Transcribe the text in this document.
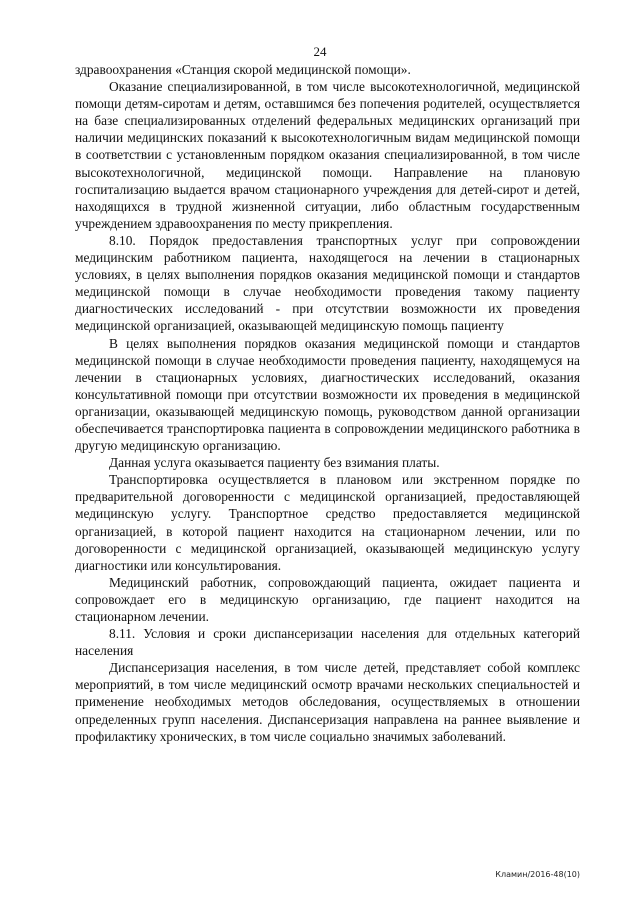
24

здравоохранения «Станция скорой медицинской помощи».

Оказание специализированной, в том числе высокотехнологичной, медицинской помощи детям-сиротам и детям, оставшимся без попечения родителей, осуществляется на базе специализированных отделений федеральных медицинских организаций при наличии медицинских показаний к высокотехнологичным видам медицинской помощи в соответствии с установленным порядком оказания специализированной, в том числе высокотехнологичной, медицинской помощи. Направление на плановую госпитализацию выдается врачом стационарного учреждения для детей-сирот и детей, находящихся в трудной жизненной ситуации, либо областным государственным учреждением здравоохранения по месту прикрепления.

8.10. Порядок предоставления транспортных услуг при сопровождении медицинским работником пациента, находящегося на лечении в стационарных условиях, в целях выполнения порядков оказания медицинской помощи и стандартов медицинской помощи в случае необходимости проведения такому пациенту диагностических исследований - при отсутствии возможности их проведения медицинской организацией, оказывающей медицинскую помощь пациенту

В целях выполнения порядков оказания медицинской помощи и стандартов медицинской помощи в случае необходимости проведения пациенту, находящемуся на лечении в стационарных условиях, диагностических исследований, оказания консультативной помощи при отсутствии возможности их проведения в медицинской организации, оказывающей медицинскую помощь, руководством данной организации обеспечивается транспортировка пациента в сопровождении медицинского работника в другую медицинскую организацию.

Данная услуга оказывается пациенту без взимания платы.

Транспортировка осуществляется в плановом или экстренном порядке по предварительной договоренности с медицинской организацией, предоставляющей медицинскую услугу. Транспортное средство предоставляется медицинской организацией, в которой пациент находится на стационарном лечении, или по договоренности с медицинской организацией, оказывающей медицинскую услугу диагностики или консультирования.

Медицинский работник, сопровождающий пациента, ожидает пациента и сопровождает его в медицинскую организацию, где пациент находится на стационарном лечении.

8.11. Условия и сроки диспансеризации населения для отдельных категорий населения

Диспансеризация населения, в том числе детей, представляет собой комплекс мероприятий, в том числе медицинский осмотр врачами нескольких специальностей и применение необходимых методов обследования, осуществляемых в отношении определенных групп населения. Диспансеризация направлена на раннее выявление и профилактику хронических, в том числе социально значимых заболеваний.

Кламин/2016-48(10)
